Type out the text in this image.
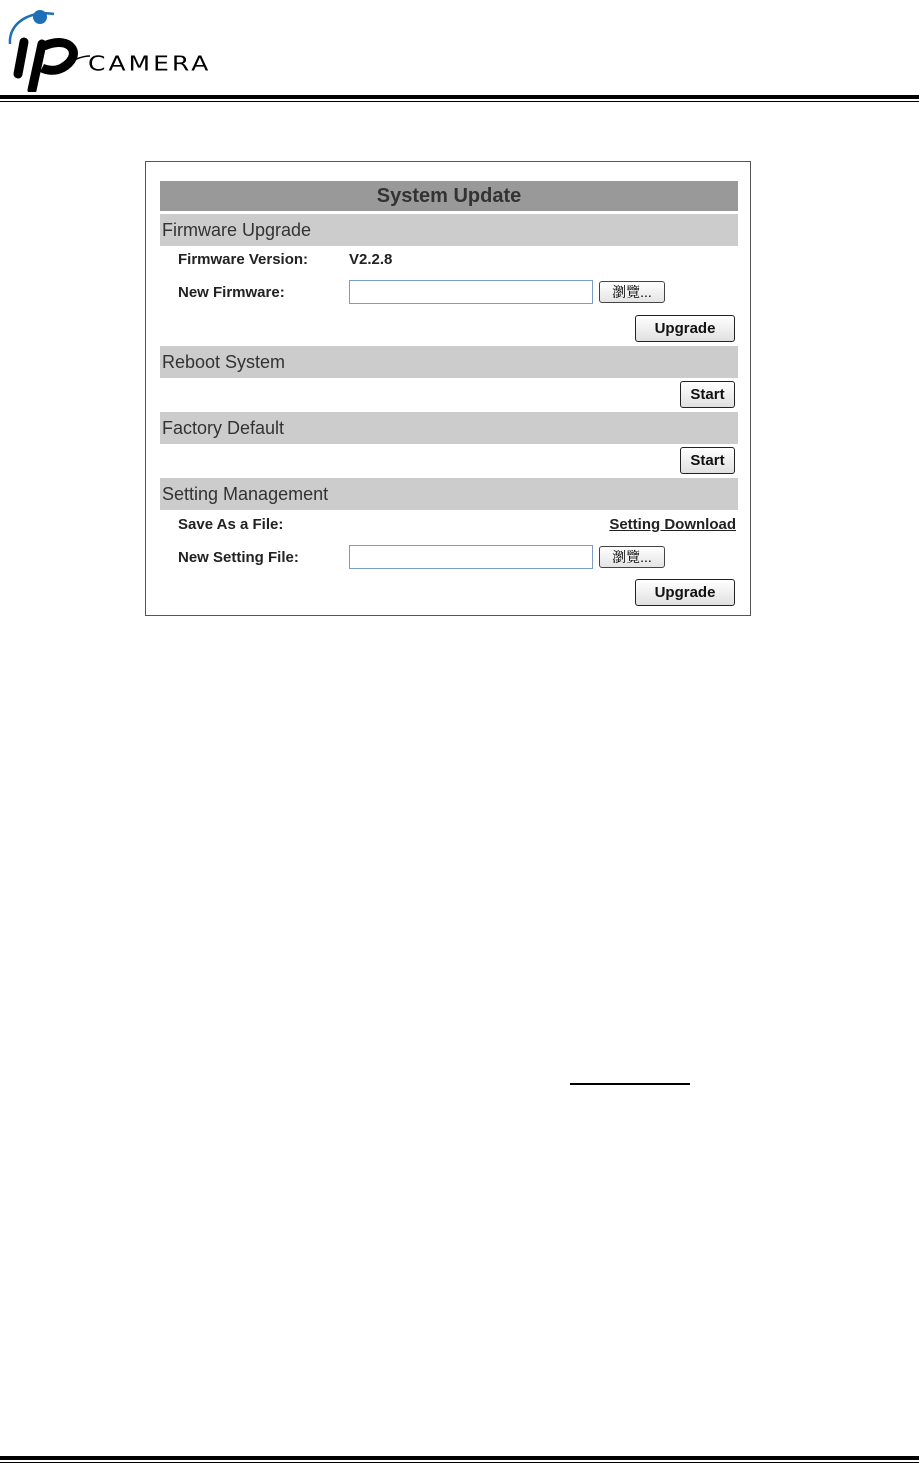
CAMERA
System Update
Firmware Upgrade
Firmware Version:	V2.2.8
New Firmware:	瀏覽...
Upgrade
Reboot System
Start
Factory Default
Start
Setting Management
Save As a File:	Setting Download
New Setting File:	瀏覽...
Upgrade
